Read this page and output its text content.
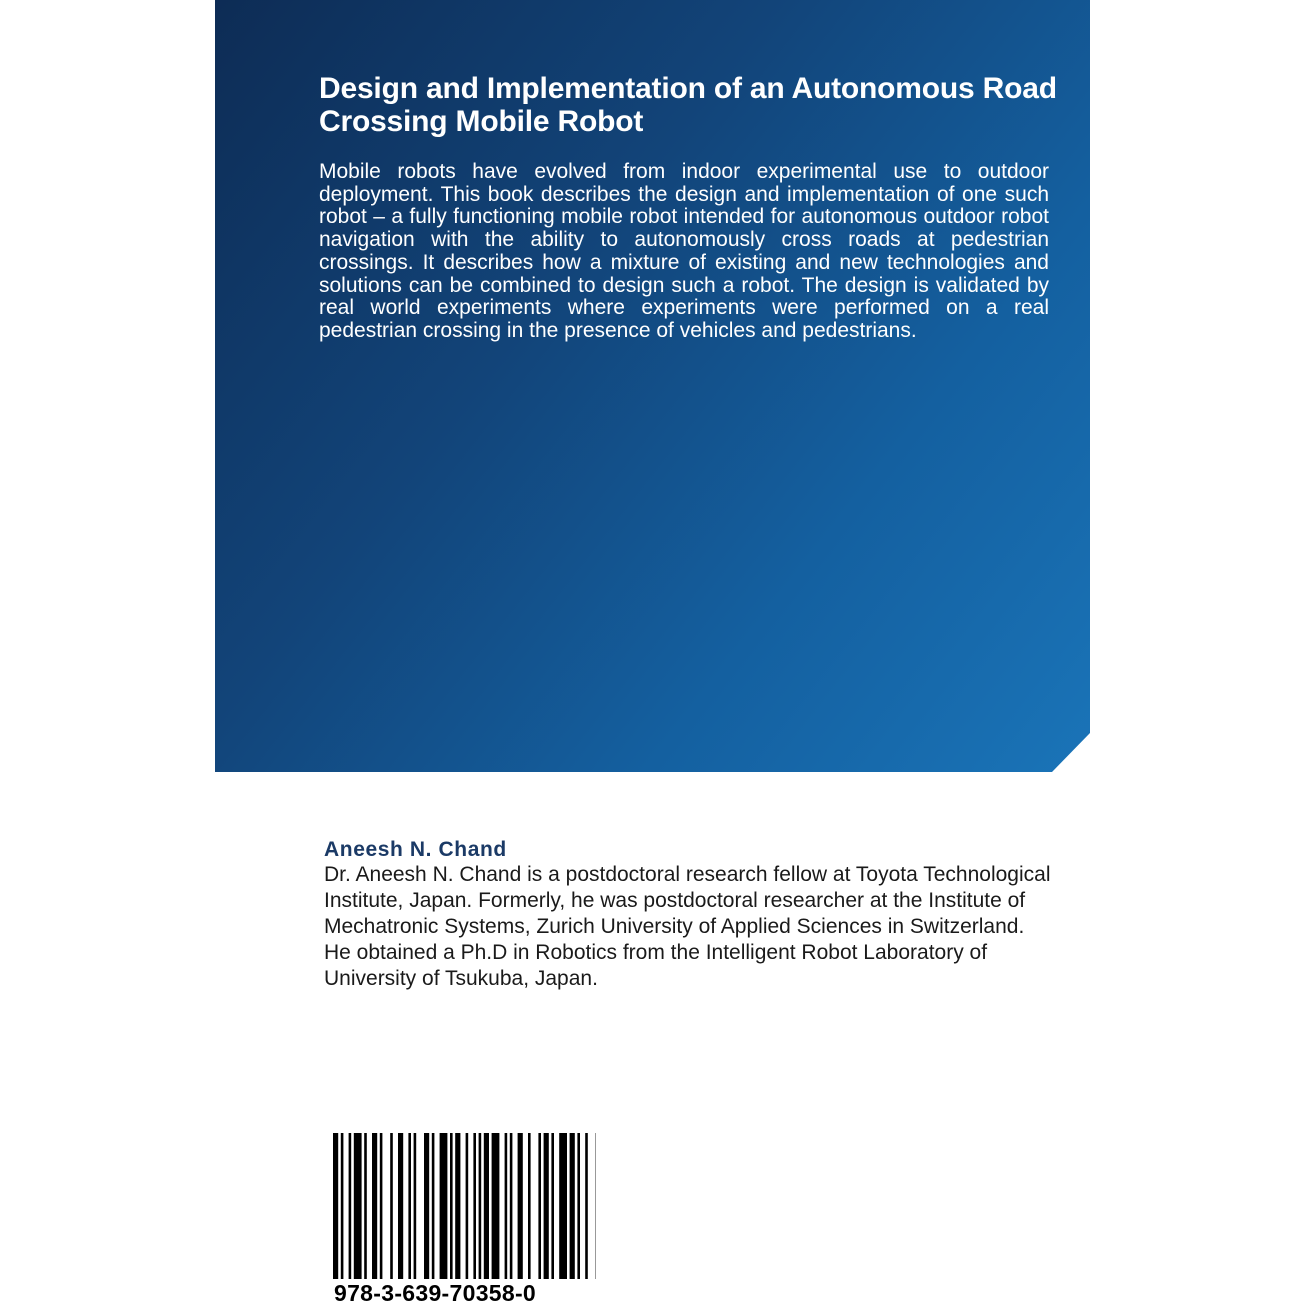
Design and Implementation of an Autonomous Road Crossing Mobile Robot

Mobile robots have evolved from indoor experimental use to outdoor deployment. This book describes the design and implementation of one such robot – a fully functioning mobile robot intended for autonomous outdoor robot navigation with the ability to autonomously cross roads at pedestrian crossings. It describes how a mixture of existing and new technologies and solutions can be combined to design such a robot. The design is validated by real world experiments where experiments were performed on a real pedestrian crossing in the presence of vehicles and pedestrians.

Aneesh N. Chand

Dr. Aneesh N. Chand is a postdoctoral research fellow at Toyota Technological Institute, Japan. Formerly, he was postdoctoral researcher at the Institute of Mechatronic Systems, Zurich University of Applied Sciences in Switzerland. He obtained a Ph.D in Robotics from the Intelligent Robot Laboratory of University of Tsukuba, Japan.

978-3-639-70358-0
